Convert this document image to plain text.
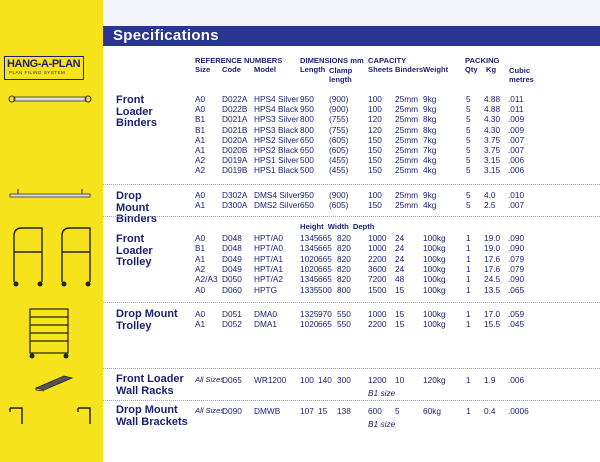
Specifications
HANG-A-PLAN
PLAN FILING SYSTEM
REFERENCE NUMBERS
Size Code Model
DIMENSIONS mm
Length Clamp length
CAPACITY
Sheets Binders Weight
PACKING
Qty Kg Cubic metres
Height Width Depth
Front Loader Binders
Drop Mount Binders
Front Loader Trolley
Drop Mount Trolley
Front Loader Wall Racks
Drop Mount Wall Brackets
A0 D022A HPS4 Silver 950 (900) 100 25mm 9kg	5 4.88 .011
A0 D022B HPS4 Black 950 (900) 100 25mm 9kg	5 4.88 .011
B1 D021A HPS3 Silver 800 (755) 120 25mm 8kg	5 4.30 .009
B1 D021B HPS3 Black 800 (755) 120 25mm 8kg	5 4.30 .009
A1 D020A HPS2 Silver 650 (605) 150 25mm 7kg	5 3.75 .007
A1 D020B HPS2 Black 650 (605) 150 25mm 7kg	5 3.75 .007
A2 D019A HPS1 Silver 500 (455) 150 25mm 4kg	5 3.15 .006
A2 D019B HPS1 Black 500 (455) 150 25mm 4kg	5 3.15 .006
A0 D302A DMS4 Silver 950 (900) 100 25mm 9kg	5 4.0 .010
A1 D300A DMS2 Silver 650 (605) 150 25mm 4kg	5 2.5 .007
A0 D048 HPT/A0 1345 665 820 1000 24 100kg 1 19.0 .090
B1 D048 HPT/A0 1345 665 820 1000 24 100kg 1 19.0 .090
A1 D049 HPT/A1 1020 665 820 2200 24 100kg 1 17.6 .079
A2 D049 HPT/A1 1020 665 820 3600 24 100kg 1 17.6 .079
A2/A3 D050 HPT/A2 1345 665 820 7200 48 100kg 1 24.5 .090
A0 D060 HPTG	1335 500 800 1500 15 100kg 1 13.5 .065
A0 D051 DMA0	1325 970 550 1000 15 100kg 1 17.0 .059
A1 D052 DMA1	1020 665 550 2200 15 100kg 1 15.5 .045
All Sizes
D065 WR1200 100 140 300 1200 10 120kg 1 1.9 .006
All Sizes
D090 DMWB 107 15 138 600 5	60kg	1 0.4 .0006
B1 size
B1 size
